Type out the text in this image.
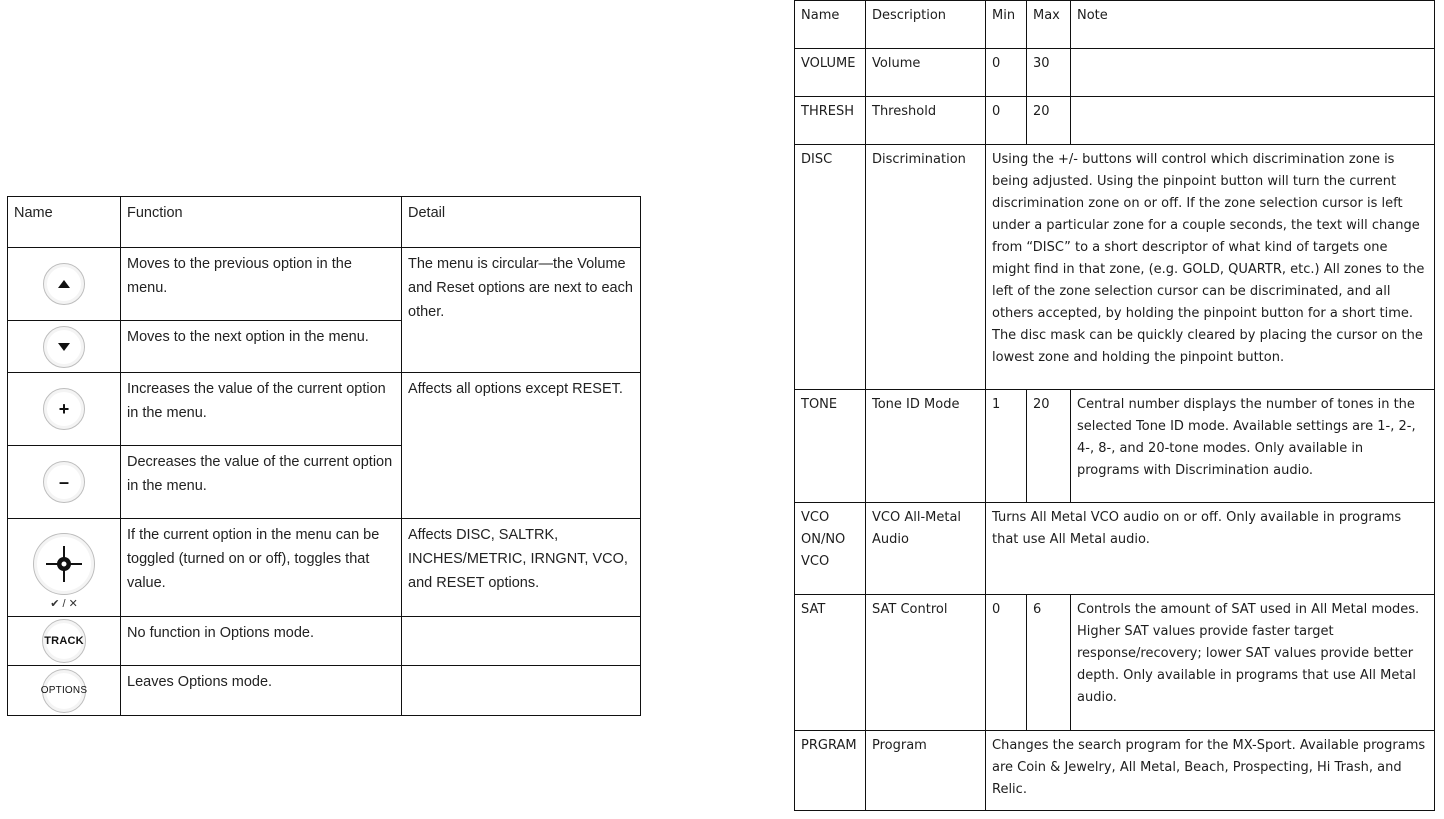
Name	Function	Detail

	Moves to the previous option in the menu.	The menu is circular—the Volume and Reset options are next to each other.

	Moves to the next option in the menu.	

+	Increases the value of the current option in the menu.	Affects all options except RESET.

–	Decreases the value of the current option in the menu.	

✔ / ✕	If the current option in the menu can be toggled (turned on or off), toggles that value.	Affects DISC, SALTRK, INCHES/METRIC, IRNGNT, VCO, and RESET options.

TRACK	No function in Options mode.	

OPTIONS	Leaves Options mode.	
Name	Description	Min	Max	Note
VOLUME	Volume	0	30	
THRESH	Threshold	0	20	
DISC	Discrimination	Using the +/- buttons will control which discrimination zone is being adjusted. Using the pinpoint button will turn the current discrimination zone on or off. If the zone selection cursor is left under a particular zone for a couple seconds, the text will change from “DISC” to a short descriptor of what kind of targets one might find in that zone, (e.g. GOLD, QUARTR, etc.) All zones to the left of the zone selection cursor can be discriminated, and all others accepted, by holding the pinpoint button for a short time. The disc mask can be quickly cleared by placing the cursor on the lowest zone and holding the pinpoint button.		
TONE	Tone ID Mode	1	20	Central number displays the number of tones in the selected Tone ID mode. Available settings are 1-, 2-, 4-, 8-, and 20-tone modes. Only available in programs with Discrimination audio.

VCO
ON/NO
VCO	VCO All-Metal Audio	Turns All Metal VCO audio on or off. Only available in programs that use All Metal audio.		
SAT	SAT Control	0	6	Controls the amount of SAT used in All Metal modes. Higher SAT values provide faster target response/recovery; lower SAT values provide better depth. Only available in programs that use All Metal audio.
PRGRAM	Program	Changes the search program for the MX-Sport. Available programs are Coin & Jewelry, All Metal, Beach, Prospecting, Hi Trash, and Relic.		
